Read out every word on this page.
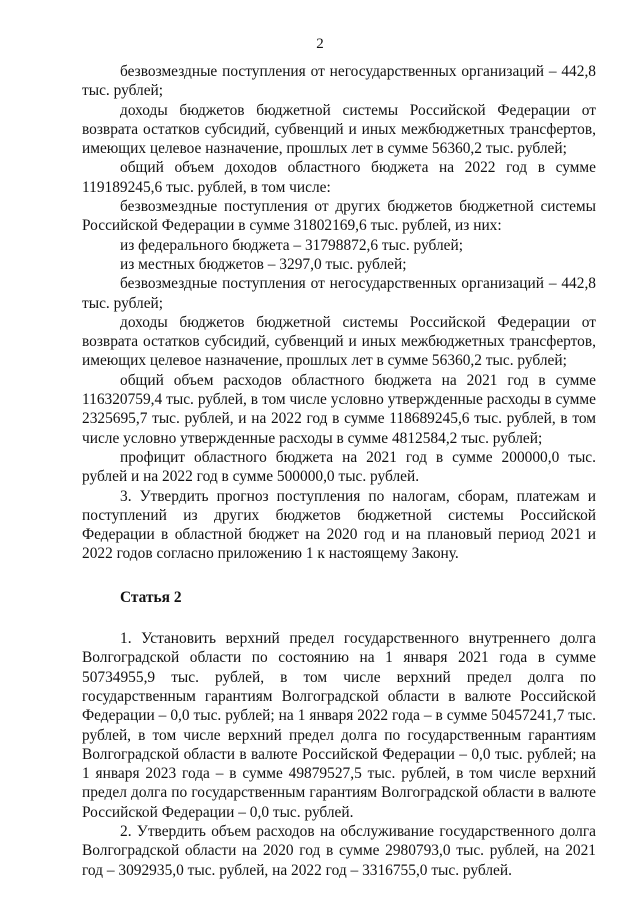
2

безвозмездные поступления от негосударственных организаций – 442,8 тыс. рублей;

доходы бюджетов бюджетной системы Российской Федерации от возврата остатков субсидий, субвенций и иных межбюджетных трансфертов, имеющих целевое назначение, прошлых лет в сумме 56360,2 тыс. рублей;

общий объем доходов областного бюджета на 2022 год в сумме 119189245,6 тыс. рублей, в том числе:

безвозмездные поступления от других бюджетов бюджетной системы Российской Федерации в сумме 31802169,6 тыс. рублей, из них:

из федерального бюджета – 31798872,6 тыс. рублей;

из местных бюджетов – 3297,0 тыс. рублей;

безвозмездные поступления от негосударственных организаций – 442,8 тыс. рублей;

доходы бюджетов бюджетной системы Российской Федерации от возврата остатков субсидий, субвенций и иных межбюджетных трансфертов, имеющих целевое назначение, прошлых лет в сумме 56360,2 тыс. рублей;

общий объем расходов областного бюджета на 2021 год в сумме 116320759,4 тыс. рублей, в том числе условно утвержденные расходы в сумме 2325695,7 тыс. рублей, и на 2022 год в сумме 118689245,6 тыс. рублей, в том числе условно утвержденные расходы в сумме 4812584,2 тыс. рублей;

профицит областного бюджета на 2021 год в сумме 200000,0 тыс. рублей и на 2022 год в сумме 500000,0 тыс. рублей.

3. Утвердить прогноз поступления по налогам, сборам, платежам и поступлений из других бюджетов бюджетной системы Российской Федерации в областной бюджет на 2020 год и на плановый период 2021 и 2022 годов согласно приложению 1 к настоящему Закону.

Статья 2

1. Установить верхний предел государственного внутреннего долга Волгоградской области по состоянию на 1 января 2021 года в сумме 50734955,9 тыс. рублей, в том числе верхний предел долга по государственным гарантиям Волгоградской области в валюте Российской Федерации – 0,0 тыс. рублей; на 1 января 2022 года – в сумме 50457241,7 тыс. рублей, в том числе верхний предел долга по государственным гарантиям Волгоградской области в валюте Российской Федерации – 0,0 тыс. рублей; на 1 января 2023 года – в сумме 49879527,5 тыс. рублей, в том числе верхний предел долга по государственным гарантиям Волгоградской области в валюте Российской Федерации – 0,0 тыс. рублей.

2. Утвердить объем расходов на обслуживание государственного долга Волгоградской области на 2020 год в сумме 2980793,0 тыс. рублей, на 2021 год – 3092935,0 тыс. рублей, на 2022 год – 3316755,0 тыс. рублей.
